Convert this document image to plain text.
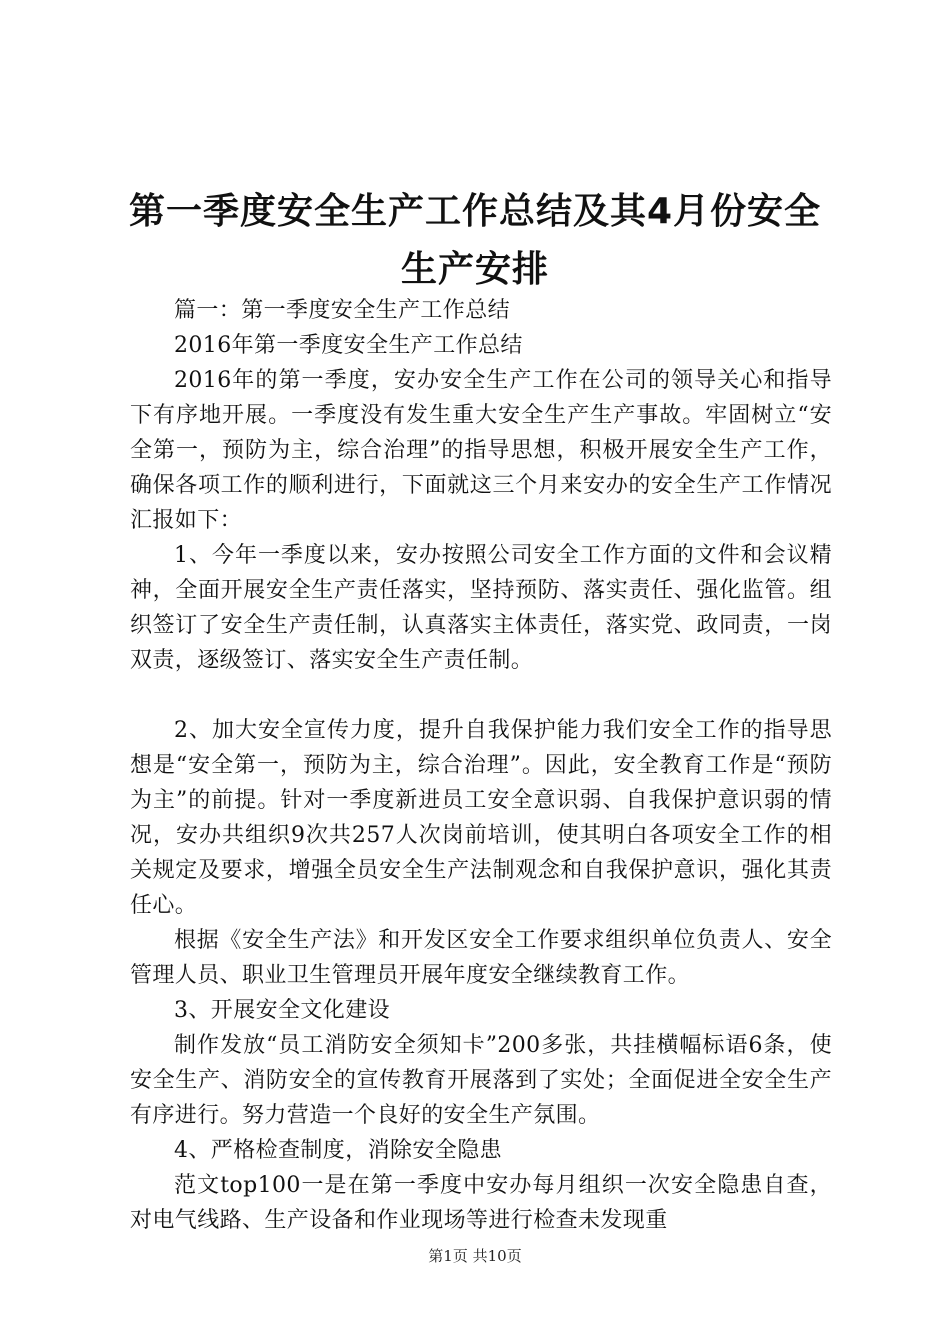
第一季度安全生产工作总结及其4月份安全生产安排

篇一：第一季度安全生产工作总结

2016年第一季度安全生产工作总结

2016年的第一季度，安办安全生产工作在公司的领导关心和指导下有序地开展。一季度没有发生重大安全生产生产事故。牢固树立“安全第一，预防为主，综合治理”的指导思想，积极开展安全生产工作，确保各项工作的顺利进行，下面就这三个月来安办的安全生产工作情况汇报如下：

1、今年一季度以来，安办按照公司安全工作方面的文件和会议精神，全面开展安全生产责任落实，坚持预防、落实责任、强化监管。组织签订了安全生产责任制，认真落实主体责任，落实党、政同责，一岗双责，逐级签订、落实安全生产责任制。

2、加大安全宣传力度，提升自我保护能力我们安全工作的指导思想是“安全第一，预防为主，综合治理”。因此，安全教育工作是“预防为主”的前提。针对一季度新进员工安全意识弱、自我保护意识弱的情况，安办共组织9次共257人次岗前培训，使其明白各项安全工作的相关规定及要求，增强全员安全生产法制观念和自我保护意识，强化其责任心。

根据《安全生产法》和开发区安全工作要求组织单位负责人、安全管理人员、职业卫生管理员开展年度安全继续教育工作。

3、开展安全文化建设

制作发放“员工消防安全须知卡”200多张，共挂横幅标语6条，使安全生产、消防安全的宣传教育开展落到了实处；全面促进全安全生产有序进行。努力营造一个良好的安全生产氛围。

4、严格检查制度，消除安全隐患

范文top100一是在第一季度中安办每月组织一次安全隐患自查，对电气线路、生产设备和作业现场等进行检查未发现重

第1页 共10页
